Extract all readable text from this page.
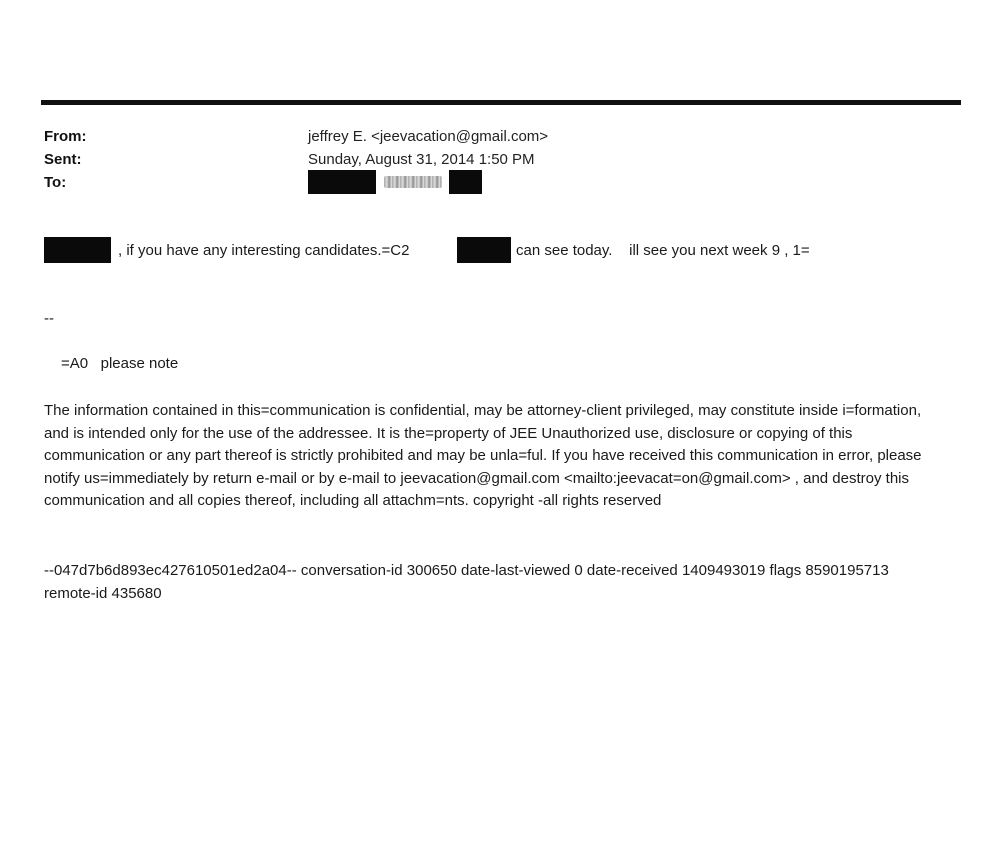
From:	jeffrey E. <jeevacation@gmail.com>
Sent:	Sunday, August 31, 2014 1:50 PM
To:
, if you have any interesting candidates.=C2	can see today.    ill see you next week 9 , 1=
--
=A0   please note
The information contained in this=communication is confidential, may be attorney-client privileged, may constitute inside i=formation, and is intended only for the use of the addressee. It is the=property of JEE Unauthorized use, disclosure or copying of this communication or any part thereof is strictly prohibited and may be unla=ful. If you have received this communication in error, please notify us=immediately by return e-mail or by e-mail to jeevacation@gmail.com <mailto:jeevacat=on@gmail.com> , and destroy this communication and all copies thereof, including all attachm=nts. copyright -all rights reserved
--047d7b6d893ec427610501ed2a04-- conversation-id 300650 date-last-viewed 0 date-received 1409493019 flags 8590195713 remote-id 435680
